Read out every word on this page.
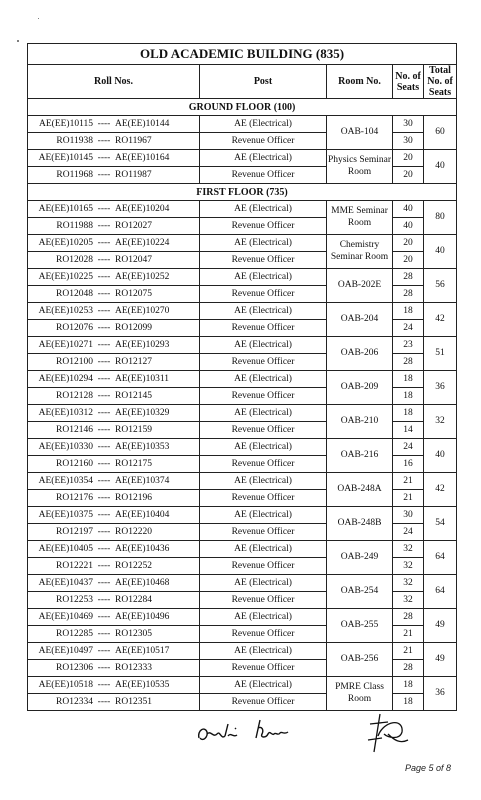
OLD ACADEMIC BUILDING (835)				
Roll Nos.	Post	Room No.	No. of Seats	Total No. of Seats
GROUND FLOOR (100)				
AE(EE)10115 ---- AE(EE)10144	AE (Electrical)	OAB-104	30	60
RO11938 ---- RO11967	Revenue Officer		30	
AE(EE)10145 ---- AE(EE)10164	AE (Electrical)	Physics Seminar Room	20	40
RO11968 ---- RO11987	Revenue Officer		20	
FIRST FLOOR (735)				
AE(EE)10165 ---- AE(EE)10204	AE (Electrical)	MME Seminar Room	40	80
RO11988 ---- RO12027	Revenue Officer		40	
AE(EE)10205 ---- AE(EE)10224	AE (Electrical)	Chemistry Seminar Room	20	40
RO12028 ---- RO12047	Revenue Officer		20	
AE(EE)10225 ---- AE(EE)10252	AE (Electrical)	OAB-202E	28	56
RO12048 ---- RO12075	Revenue Officer		28	
AE(EE)10253 ---- AE(EE)10270	AE (Electrical)	OAB-204	18	42
RO12076 ---- RO12099	Revenue Officer		24	
AE(EE)10271 ---- AE(EE)10293	AE (Electrical)	OAB-206	23	51
RO12100 ---- RO12127	Revenue Officer		28	
AE(EE)10294 ---- AE(EE)10311	AE (Electrical)	OAB-209	18	36
RO12128 ---- RO12145	Revenue Officer		18	
AE(EE)10312 ---- AE(EE)10329	AE (Electrical)	OAB-210	18	32
RO12146 ---- RO12159	Revenue Officer		14	
AE(EE)10330 ---- AE(EE)10353	AE (Electrical)	OAB-216	24	40
RO12160 ---- RO12175	Revenue Officer		16	
AE(EE)10354 ---- AE(EE)10374	AE (Electrical)	OAB-248A	21	42
RO12176 ---- RO12196	Revenue Officer		21	
AE(EE)10375 ---- AE(EE)10404	AE (Electrical)	OAB-248B	30	54
RO12197 ---- RO12220	Revenue Officer		24	
AE(EE)10405 ---- AE(EE)10436	AE (Electrical)	OAB-249	32	64
RO12221 ---- RO12252	Revenue Officer		32	
AE(EE)10437 ---- AE(EE)10468	AE (Electrical)	OAB-254	32	64
RO12253 ---- RO12284	Revenue Officer		32	
AE(EE)10469 ---- AE(EE)10496	AE (Electrical)	OAB-255	28	49
RO12285 ---- RO12305	Revenue Officer		21	
AE(EE)10497 ---- AE(EE)10517	AE (Electrical)	OAB-256	21	49
RO12306 ---- RO12333	Revenue Officer		28	
AE(EE)10518 ---- AE(EE)10535	AE (Electrical)	PMRE Class Room	18	36
RO12334 ---- RO12351	Revenue Officer		18	
Page 5 of 8
